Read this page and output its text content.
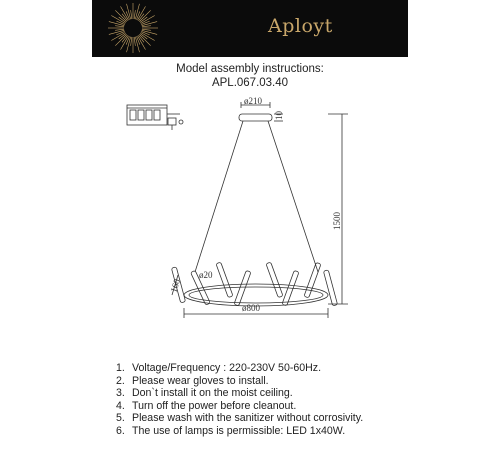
Aployt
Model assembly instructions:
APL.067.03.40
ø210
10
1500
160
ø20
ø800
1. Voltage/Frequency : 220-230V 50-60Hz.
2. Please wear gloves to install.
3. Don`t install it on the moist ceiling.
4. Turn off the power before cleanout.
5. Please wash with the sanitizer without corrosivity.
6. The use of lamps is permissible: LED 1x40W.
